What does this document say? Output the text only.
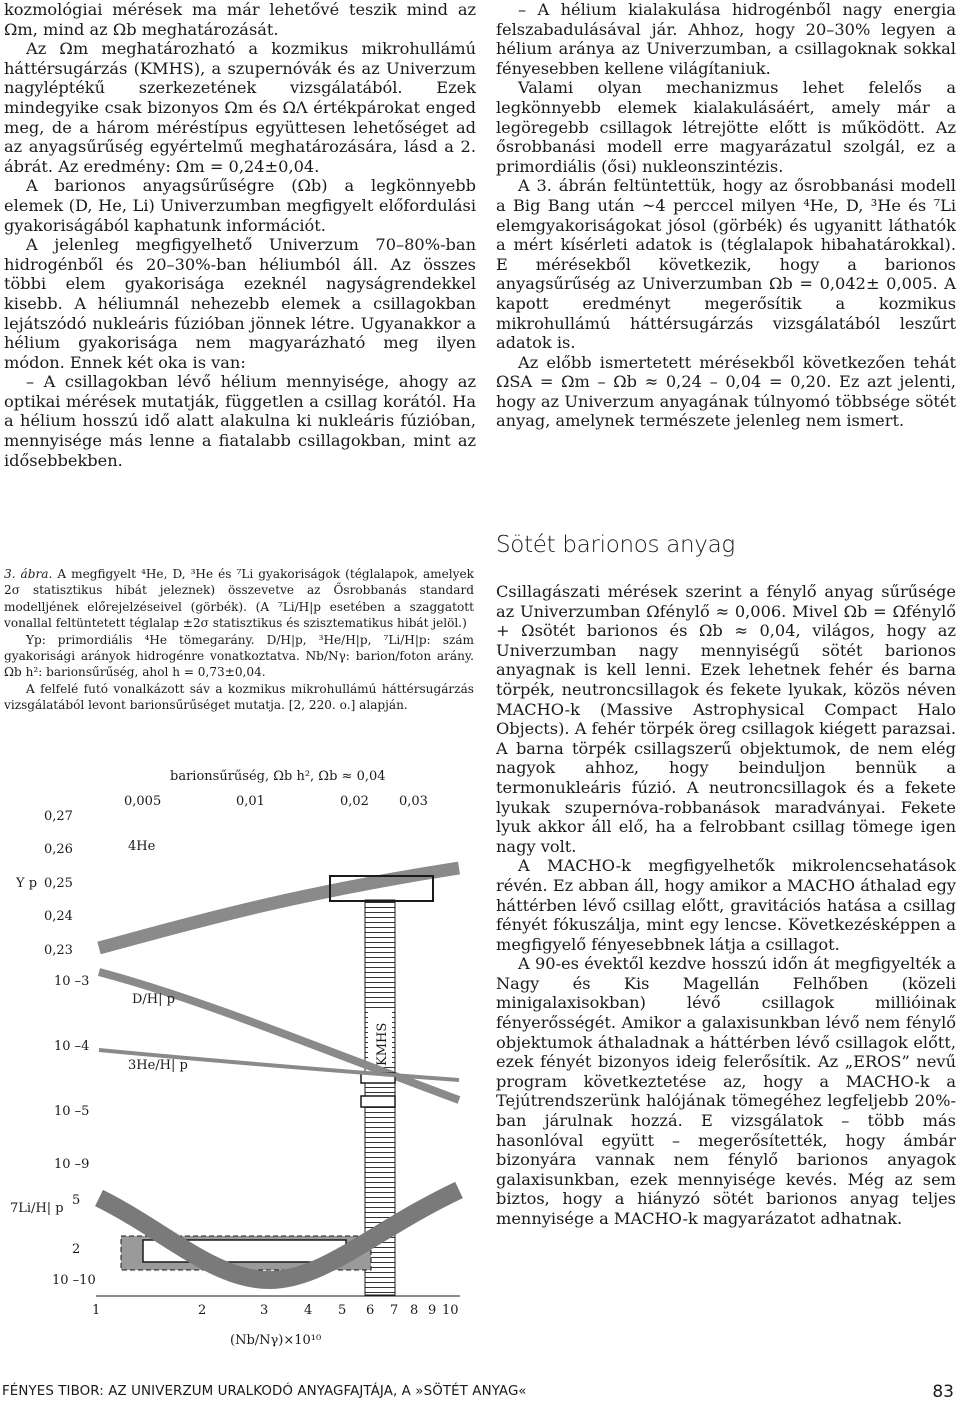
kozmológiai mérések ma már lehetővé teszik mind az Ωm, mind az Ωb meghatározását.

Az Ωm meghatározható a kozmikus mikrohullámú háttérsugárzás (KMHS), a szupernóvák és az Univerzum nagyléptékű szerkezetének vizsgálatából. Ezek mindegyike csak bizonyos Ωm és ΩΛ értékpárokat enged meg, de a három méréstípus együttesen lehetőséget ad az anyagsűrűség egyértelmű meghatározására, lásd a 2. ábrát. Az eredmény: Ωm = 0,24±0,04.

A barionos anyagsűrűségre (Ωb) a legkönnyebb elemek (D, He, Li) Univerzumban megfigyelt előfordulási gyakoriságából kaphatunk információt.

A jelenleg megfigyelhető Univerzum 70–80%-ban hidrogénből és 20–30%-ban héliumból áll. Az összes többi elem gyakorisága ezeknél nagyságrendekkel kisebb. A héliumnál nehezebb elemek a csillagokban lejátszódó nukleáris fúzióban jönnek létre. Ugyanakkor a hélium gyakorisága nem magyarázható meg ilyen módon. Ennek két oka is van:

– A csillagokban lévő hélium mennyisége, ahogy az optikai mérések mutatják, független a csillag korától. Ha a hélium hosszú idő alatt alakulna ki nukleáris fúzióban, mennyisége más lenne a fiatalabb csillagokban, mint az idősebbekben.

3. ábra. A megfigyelt ⁴He, D, ³He és ⁷Li gyakoriságok (téglalapok, amelyek 2σ statisztikus hibát jeleznek) összevetve az Ősrobbanás standard modelljének előrejelzéseivel (görbék). (A ⁷Li/H|p esetében a szaggatott vonallal feltüntetett téglalap ±2σ statisztikus és szisztematikus hibát jelöl.)

Yp: primordiális ⁴He tömegarány. D/H|p, ³He/H|p, ⁷Li/H|p: szám gyakorisági arányok hidrogénre vonatkoztatva. Nb/Nγ: barion/foton arány. Ωb h²: barionsűrűség, ahol h = 0,73±0,04.

A felfelé futó vonalkázott sáv a kozmikus mikrohullámú háttérsugárzás vizsgálatából levont barionsűrűséget mutatja. [2, 220. o.] alapján.

barionsűrűség, Ωb h², Ωb ≈ 0,04
0,005	0,01	0,02 0,03
0,27
0,26
0,25
0,24
0,23
Y p
4He
10 –3
10 –4
10 –5
10 –9
5
2
10 –10
7Li/H| p
KMHS
D/H| p
3He/H| p
1	2	3	4 5 6 7 8 9 10
(Nb/Nγ)×10¹⁰

– A hélium kialakulása hidrogénből nagy energia felszabadulásával jár. Ahhoz, hogy 20–30% legyen a hélium aránya az Univerzumban, a csillagoknak sokkal fényesebben kellene világítaniuk.

Valami olyan mechanizmus lehet felelős a legkönnyebb elemek kialakulásáért, amely már a legöregebb csillagok létrejötte előtt is működött. Az ősrobbanási modell erre magyarázatul szolgál, ez a primordiális (ősi) nukleonszintézis.

A 3. ábrán feltüntettük, hogy az ősrobbanási modell a Big Bang után ~4 perccel milyen ⁴He, D, ³He és ⁷Li elemgyakoriságokat jósol (görbék) és ugyanitt láthatók a mért kísérleti adatok is (téglalapok hibahatárokkal). E mérésekből következik, hogy a barionos anyagsűrűség az Univerzumban Ωb = 0,042± 0,005. A kapott eredményt megerősítik a kozmikus mikrohullámú háttérsugárzás vizsgálatából leszűrt adatok is.

Az előbb ismertetett mérésekből következően tehát ΩSA = Ωm – Ωb ≈ 0,24 – 0,04 = 0,20. Ez azt jelenti, hogy az Univerzum anyagának túlnyomó többsége sötét anyag, amelynek természete jelenleg nem ismert.

Sötét barionos anyag

Csillagászati mérések szerint a fénylő anyag sűrűsége az Univerzumban Ωfénylő ≈ 0,006. Mivel Ωb = Ωfénylő + Ωsötét barionos és Ωb ≈ 0,04, világos, hogy az Univerzumban nagy mennyiségű sötét barionos anyagnak is kell lenni. Ezek lehetnek fehér és barna törpék, neutroncsillagok és fekete lyukak, közös néven MACHO-k (Massive Astrophysical Compact Halo Objects). A fehér törpék öreg csillagok kiégett parazsai. A barna törpék csillagszerű objektumok, de nem elég nagyok ahhoz, hogy beinduljon bennük a termonukleáris fúzió. A neutroncsillagok és a fekete lyukak szupernóva-robbanások maradványai. Fekete lyuk akkor áll elő, ha a felrobbant csillag tömege igen nagy volt.

A MACHO-k megfigyelhetők mikrolencsehatások révén. Ez abban áll, hogy amikor a MACHO áthalad egy háttérben lévő csillag előtt, gravitációs hatása a csillag fényét fókuszálja, mint egy lencse. Következésképpen a megfigyelő fényesebbnek látja a csillagot.

A 90-es évektől kezdve hosszú időn át megfigyelték a Nagy és Kis Magellán Felhőben (közeli minigalaxisokban) lévő csillagok millióinak fényerősségét. Amikor a galaxisunkban lévő nem fénylő objektumok áthaladnak a háttérben lévő csillagok előtt, ezek fényét bizonyos ideig felerősítik. Az „EROS” nevű program következtetése az, hogy a MACHO-k a Tejútrendszerünk halójának tömegéhez legfeljebb 20%-ban járulnak hozzá. E vizsgálatok – több más hasonlóval együtt – megerősítették, hogy ámbár bizonyára vannak nem fénylő barionos anyagok galaxisunkban, ezek mennyisége kevés. Még az sem biztos, hogy a hiányzó sötét barionos anyag teljes mennyisége a MACHO-k magyarázatot adhatnak.

FÉNYES TIBOR: AZ UNIVERZUM URALKODÓ ANYAGFAJTÁJA, A »SÖTÉT ANYAG«	83
